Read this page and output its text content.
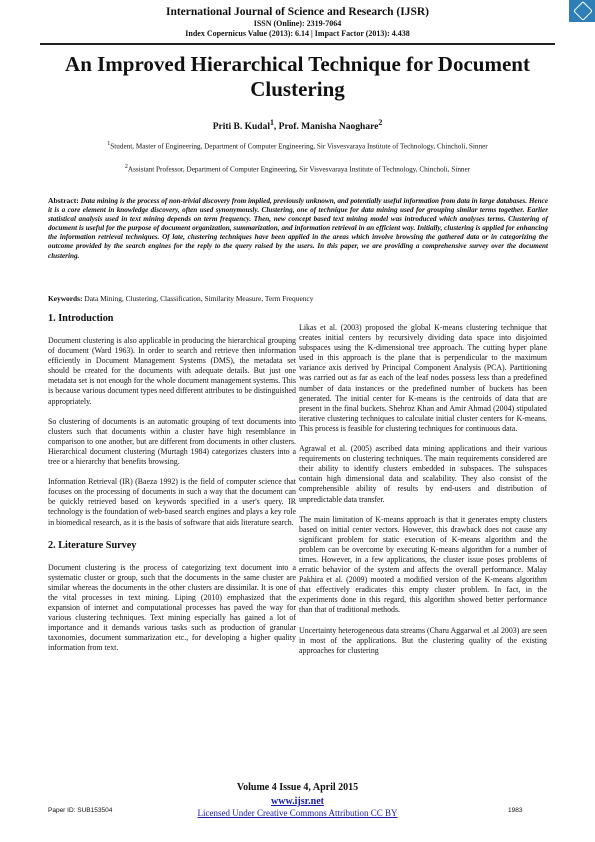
International Journal of Science and Research (IJSR)
ISSN (Online): 2319-7064
Index Copernicus Value (2013): 6.14 | Impact Factor (2013): 4.438
An Improved Hierarchical Technique for Document Clustering
Priti B. Kudal$^1$, Prof. Manisha Naoghare$^2$
$^1$Student, Master of Engineering, Department of Computer Engineering, Sir Visvesvaraya Institute of Technology, Chincholi, Sinner
$^2$Assistant Professor, Department of Computer Engineering, Sir Visvesvaraya Institute of Technology, Chincholi, Sinner
Abstract: Data mining is the process of non-trivial discovery from implied, previously unknown, and potentially useful information from data in large databases. Hence it is a core element in knowledge discovery, often used synonymously. Clustering, one of technique for data mining used for grouping similar terms together. Earlier statistical analysis used in text mining depends on term frequency. Then, new concept based text mining model was introduced which analyses terms. Clustering of document is useful for the purpose of document organization, summarization, and information retrieval in an efficient way. Initially, clustering is applied for enhancing the information retrieval techniques. Of late, clustering techniques have been applied in the areas which involve browsing the gathered data or in categorizing the outcome provided by the search engines for the reply to the query raised by the users. In this paper, we are providing a comprehensive survey over the document clustering.
Keywords: Data Mining, Clustering, Classification, Similarity Measure, Term Frequency
1. Introduction

Document clustering is also applicable in producing the hierarchical grouping of document (Ward 1963). In order to search and retrieve then information efficiently in Document Management Systems (DMS), the metadata set should be created for the documents with adequate details. But just one metadata set is not enough for the whole document management systems. This is because various document types need different attributes to be distinguished appropriately.

So clustering of documents is an automatic grouping of text documents into clusters such that documents within a cluster have high resemblance in comparison to one another, but are different from documents in other clusters. Hierarchical document clustering (Murtagh 1984) categorizes clusters into a tree or a hierarchy that benefits browsing.

Information Retrieval (IR) (Baeza 1992) is the field of computer science that focuses on the processing of documents in such a way that the document can be quickly retrieved based on keywords specified in a user's query. IR technology is the foundation of web-based search engines and plays a key role in biomedical research, as it is the basis of software that aids literature search.

2. Literature Survey

Document clustering is the process of categorizing text document into a systematic cluster or group, such that the documents in the same cluster are similar whereas the documents in the other clusters are dissimilar. It is one of the vital processes in text mining. Liping (2010) emphasized that the expansion of internet and computational processes has paved the way for various clustering techniques. Text mining especially has gained a lot of importance and it demands various tasks such as production of granular taxonomies, document summarization etc., for developing a higher quality information from text.

Likas et al. (2003) proposed the global K-means clustering technique that creates initial centers by recursively dividing data space into disjointed subspaces using the K-dimensional tree approach. The cutting hyper plane used in this approach is the plane that is perpendicular to the maximum variance axis derived by Principal Component Analysis (PCA). Partitioning was carried out as far as each of the leaf nodes possess less than a predefined number of data instances or the predefined number of buckets has been generated. The initial center for K-means is the centroids of data that are present in the final buckets. Shehroz Khan and Amir Ahmad (2004) stipulated iterative clustering techniques to calculate initial cluster centers for K-means. This process is feasible for clustering techniques for continuous data.

Agrawal et al. (2005) ascribed data mining applications and their various requirements on clustering techniques. The main requirements considered are their ability to identify clusters embedded in subspaces. The subspaces contain high dimensional data and scalability. They also consist of the comprehensible ability of results by end-users and distribution of unpredictable data transfer.

The main limitation of K-means approach is that it generates empty clusters based on initial center vectors. However, this drawback does not cause any significant problem for static execution of K-means algorithm and the problem can be overcome by executing K-means algorithm for a number of times. However, in a few applications, the cluster issue poses problems of erratic behavior of the system and affects the overall performance. Malay Pakhira et al. (2009) mooted a modified version of the K-means algorithm that effectively eradicates this empty cluster problem. In fact, in the experiments done in this regard, this algorithm showed better performance than that of traditional methods.

Uncertainty heterogeneous data streams (Charu Aggarwal et .al 2003) are seen in most of the applications. But the clustering quality of the existing approaches for clustering

Volume 4 Issue 4, April 2015
www.ijsr.net
Licensed Under Creative Commons Attribution CC BY
Paper ID: SUB153504	1983
